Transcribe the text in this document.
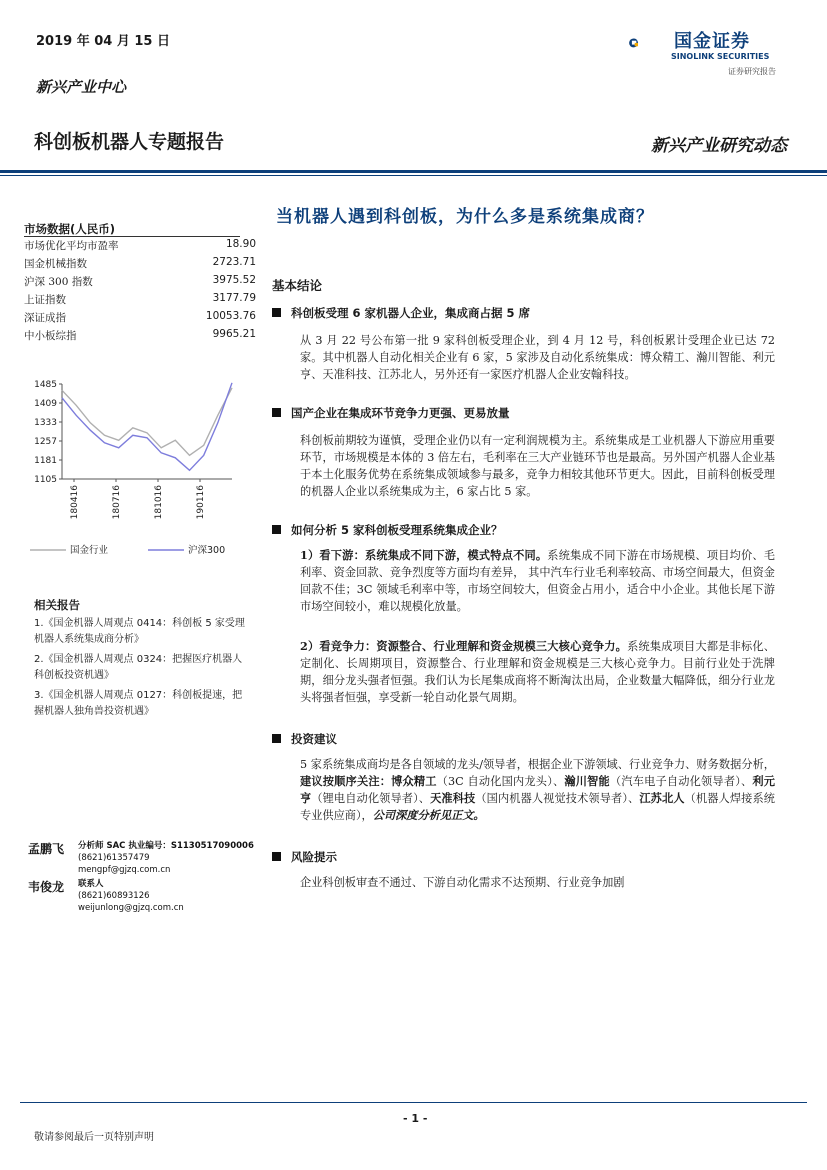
2019 年 04 月 15 日
新兴产业中心
科创板机器人专题报告	新兴产业研究动态
国金证券
SINOLINK SECURITIES
证券研究报告
市场数据(人民币)
市场优化平均市盈率	18.90
国金机械指数	2723.71
沪深 300 指数	3975.52
上证指数	3177.79
深证成指	10053.76
中小板综指	9965.21
1485
1409
1333
1257
1181
1105
180416	180716	181016	190116
国金行业	沪深300
相关报告
1.《国金机器人周观点 0414：科创板 5 家受理机器人系统集成商分析》
2.《国金机器人周观点 0324：把握医疗机器人科创板投资机遇》
3.《国金机器人周观点 0127：科创板提速，把握机器人独角兽投资机遇》
孟鹏飞 分析师 SAC 执业编号：S1130517090006
(8621)61357479
mengpf@gjzq.com.cn
韦俊龙 联系人
(8621)60893126
weijunlong@gjzq.com.cn
当机器人遇到科创板，为什么多是系统集成商？
基本结论
科创板受理 6 家机器人企业，集成商占据 5 席
从 3 月 22 号公布第一批 9 家科创板受理企业，到 4 月 12 号，科创板累计受理企业已达 72 家。其中机器人自动化相关企业有 6 家，5 家涉及自动化系统集成：博众精工、瀚川智能、利元亨、天准科技、江苏北人，另外还有一家医疗机器人企业安翰科技。
国产企业在集成环节竞争力更强、更易放量
科创板前期较为谨慎，受理企业仍以有一定利润规模为主。系统集成是工业机器人下游应用重要环节，市场规模是本体的 3 倍左右，毛利率在三大产业链环节也是最高。另外国产机器人企业基于本土化服务优势在系统集成领域参与最多，竞争力相较其他环节更大。因此，目前科创板受理的机器人企业以系统集成为主，6 家占比 5 家。
如何分析 5 家科创板受理系统集成企业？
1）看下游：系统集成不同下游，模式特点不同。系统集成不同下游在市场规模、项目均价、毛利率、资金回款、竞争烈度等方面均有差异， 其中汽车行业毛利率较高、市场空间最大，但资金回款不佳；3C 领域毛利率中等，市场空间较大，但资金占用小，适合中小企业。其他长尾下游市场空间较小，难以规模化放量。
2）看竞争力：资源整合、行业理解和资金规模三大核心竞争力。系统集成项目大都是非标化、定制化、长周期项目，资源整合、行业理解和资金规模是三大核心竞争力。目前行业处于洗牌期，细分龙头强者恒强。我们认为长尾集成商将不断淘汰出局，企业数量大幅降低，细分行业龙头将强者恒强，享受新一轮自动化景气周期。
投资建议
5 家系统集成商均是各自领域的龙头/领导者，根据企业下游领域、行业竞争力、财务数据分析，建议按顺序关注：博众精工（3C 自动化国内龙头）、瀚川智能（汽车电子自动化领导者）、利元亨（锂电自动化领导者）、天准科技（国内机器人视觉技术领导者）、江苏北人（机器人焊接系统专业供应商），公司深度分析见正文。
风险提示
企业科创板审查不通过、下游自动化需求不达预期、行业竞争加剧
- 1 -
敬请参阅最后一页特别声明
